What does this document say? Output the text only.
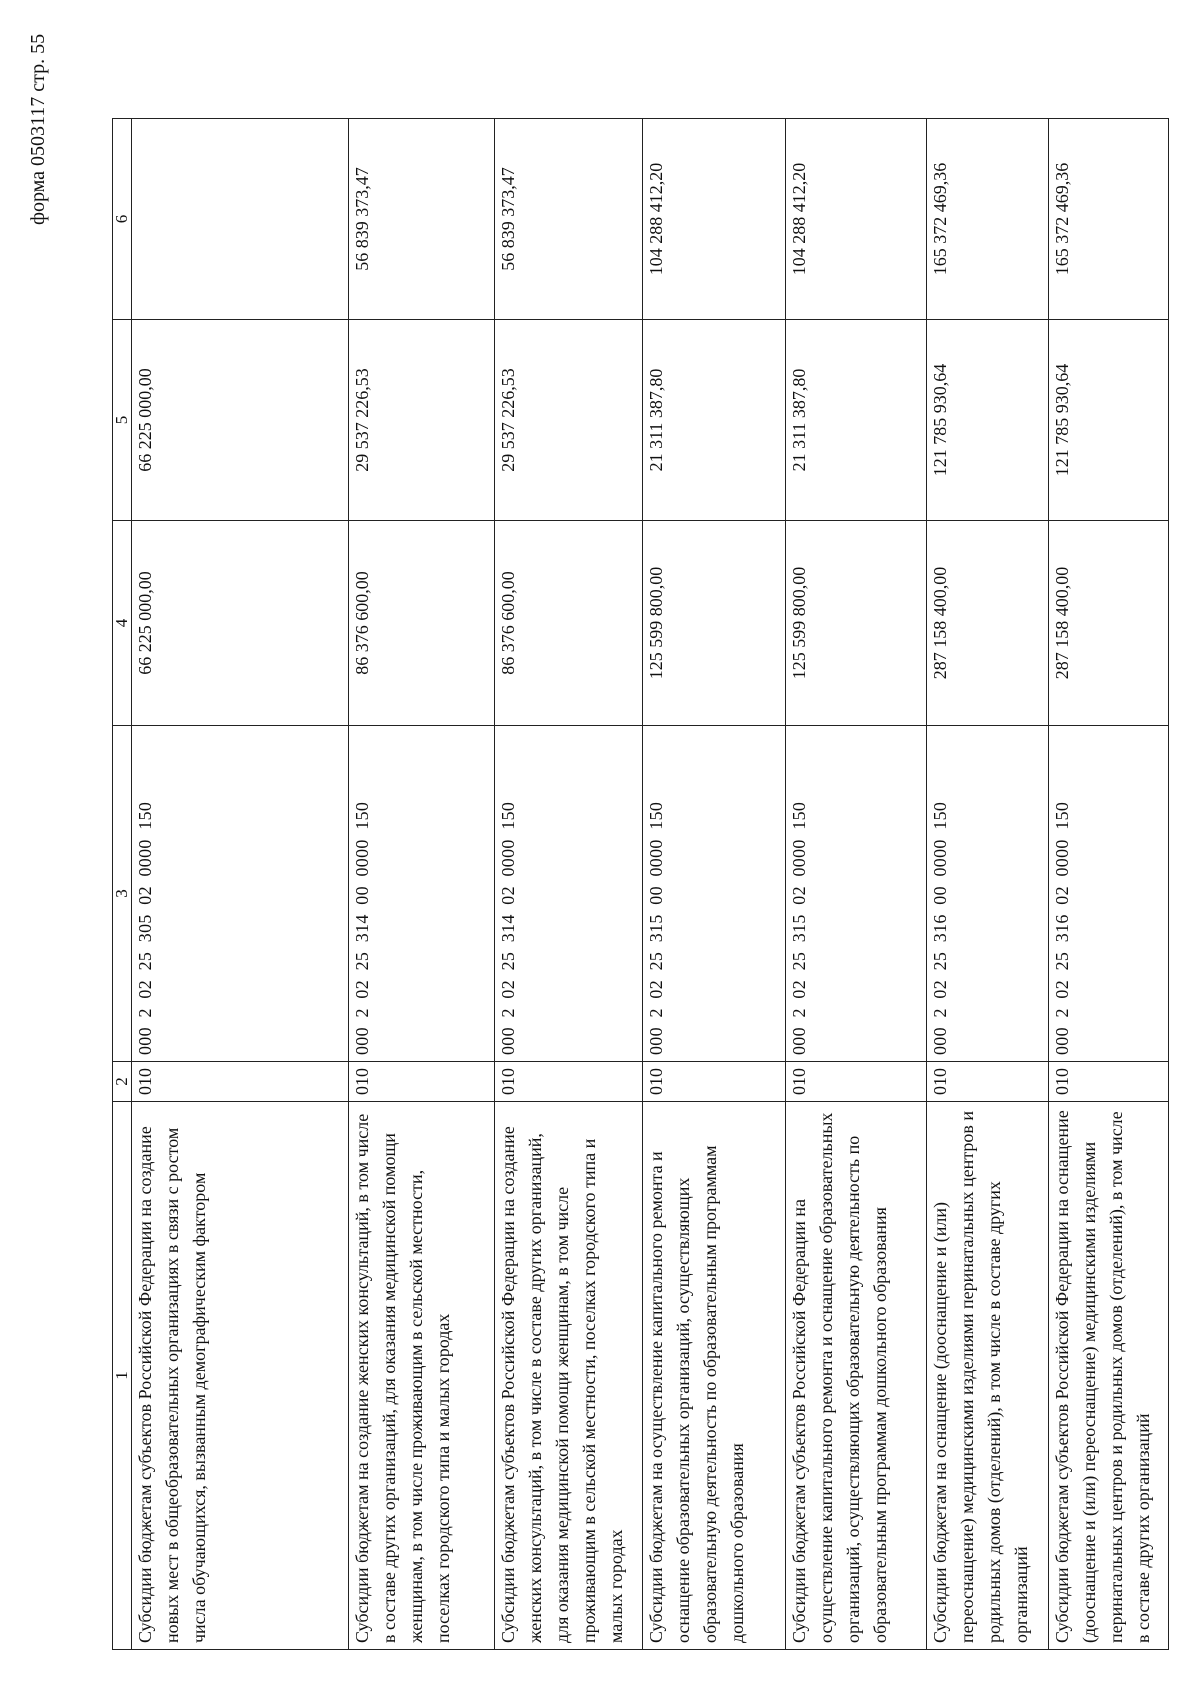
форма 0503117 стр. 55
1	2	3	4	5	6
Субсидии бюджетам субъектов Российской Федерации на создание новых мест в общеобразовательных организациях в связи с ростом числа обучающихся, вызванным демографическим фактором	010	000  2  02  25  305  02  0000  150	66 225 000,00	66 225 000,00	
Субсидии бюджетам на создание женских консультаций, в том числе в составе других организаций, для оказания медицинской помощи женщинам, в том числе проживающим в сельской местности, поселках городского типа и малых городах	010	000  2  02  25  314  00  0000  150	86 376 600,00	29 537 226,53	56 839 373,47
Субсидии бюджетам субъектов Российской Федерации на создание женских консультаций, в том числе в составе других организаций, для оказания медицинской помощи женщинам, в том числе проживающим в сельской местности, поселках городского типа и малых городах	010	000  2  02  25  314  02  0000  150	86 376 600,00	29 537 226,53	56 839 373,47
Субсидии бюджетам на осуществление капитального ремонта и оснащение образовательных организаций, осуществляющих образовательную деятельность по образовательным программам дошкольного образования	010	000  2  02  25  315  00  0000  150	125 599 800,00	21 311 387,80	104 288 412,20
Субсидии бюджетам субъектов Российской Федерации на осуществление капитального ремонта и оснащение образовательных организаций, осуществляющих образовательную деятельность по образовательным программам дошкольного образования	010	000  2  02  25  315  02  0000  150	125 599 800,00	21 311 387,80	104 288 412,20
Субсидии бюджетам на оснащение (дооснащение и (или) переоснащение) медицинскими изделиями перинатальных центров и родильных домов (отделений), в том числе в составе других организаций	010	000  2  02  25  316  00  0000  150	287 158 400,00	121 785 930,64	165 372 469,36
Субсидии бюджетам субъектов Российской Федерации на оснащение (дооснащение и (или) переоснащение) медицинскими изделиями перинатальных центров и родильных домов (отделений), в том числе в составе других организаций	010	000  2  02  25  316  02  0000  150	287 158 400,00	121 785 930,64	165 372 469,36
